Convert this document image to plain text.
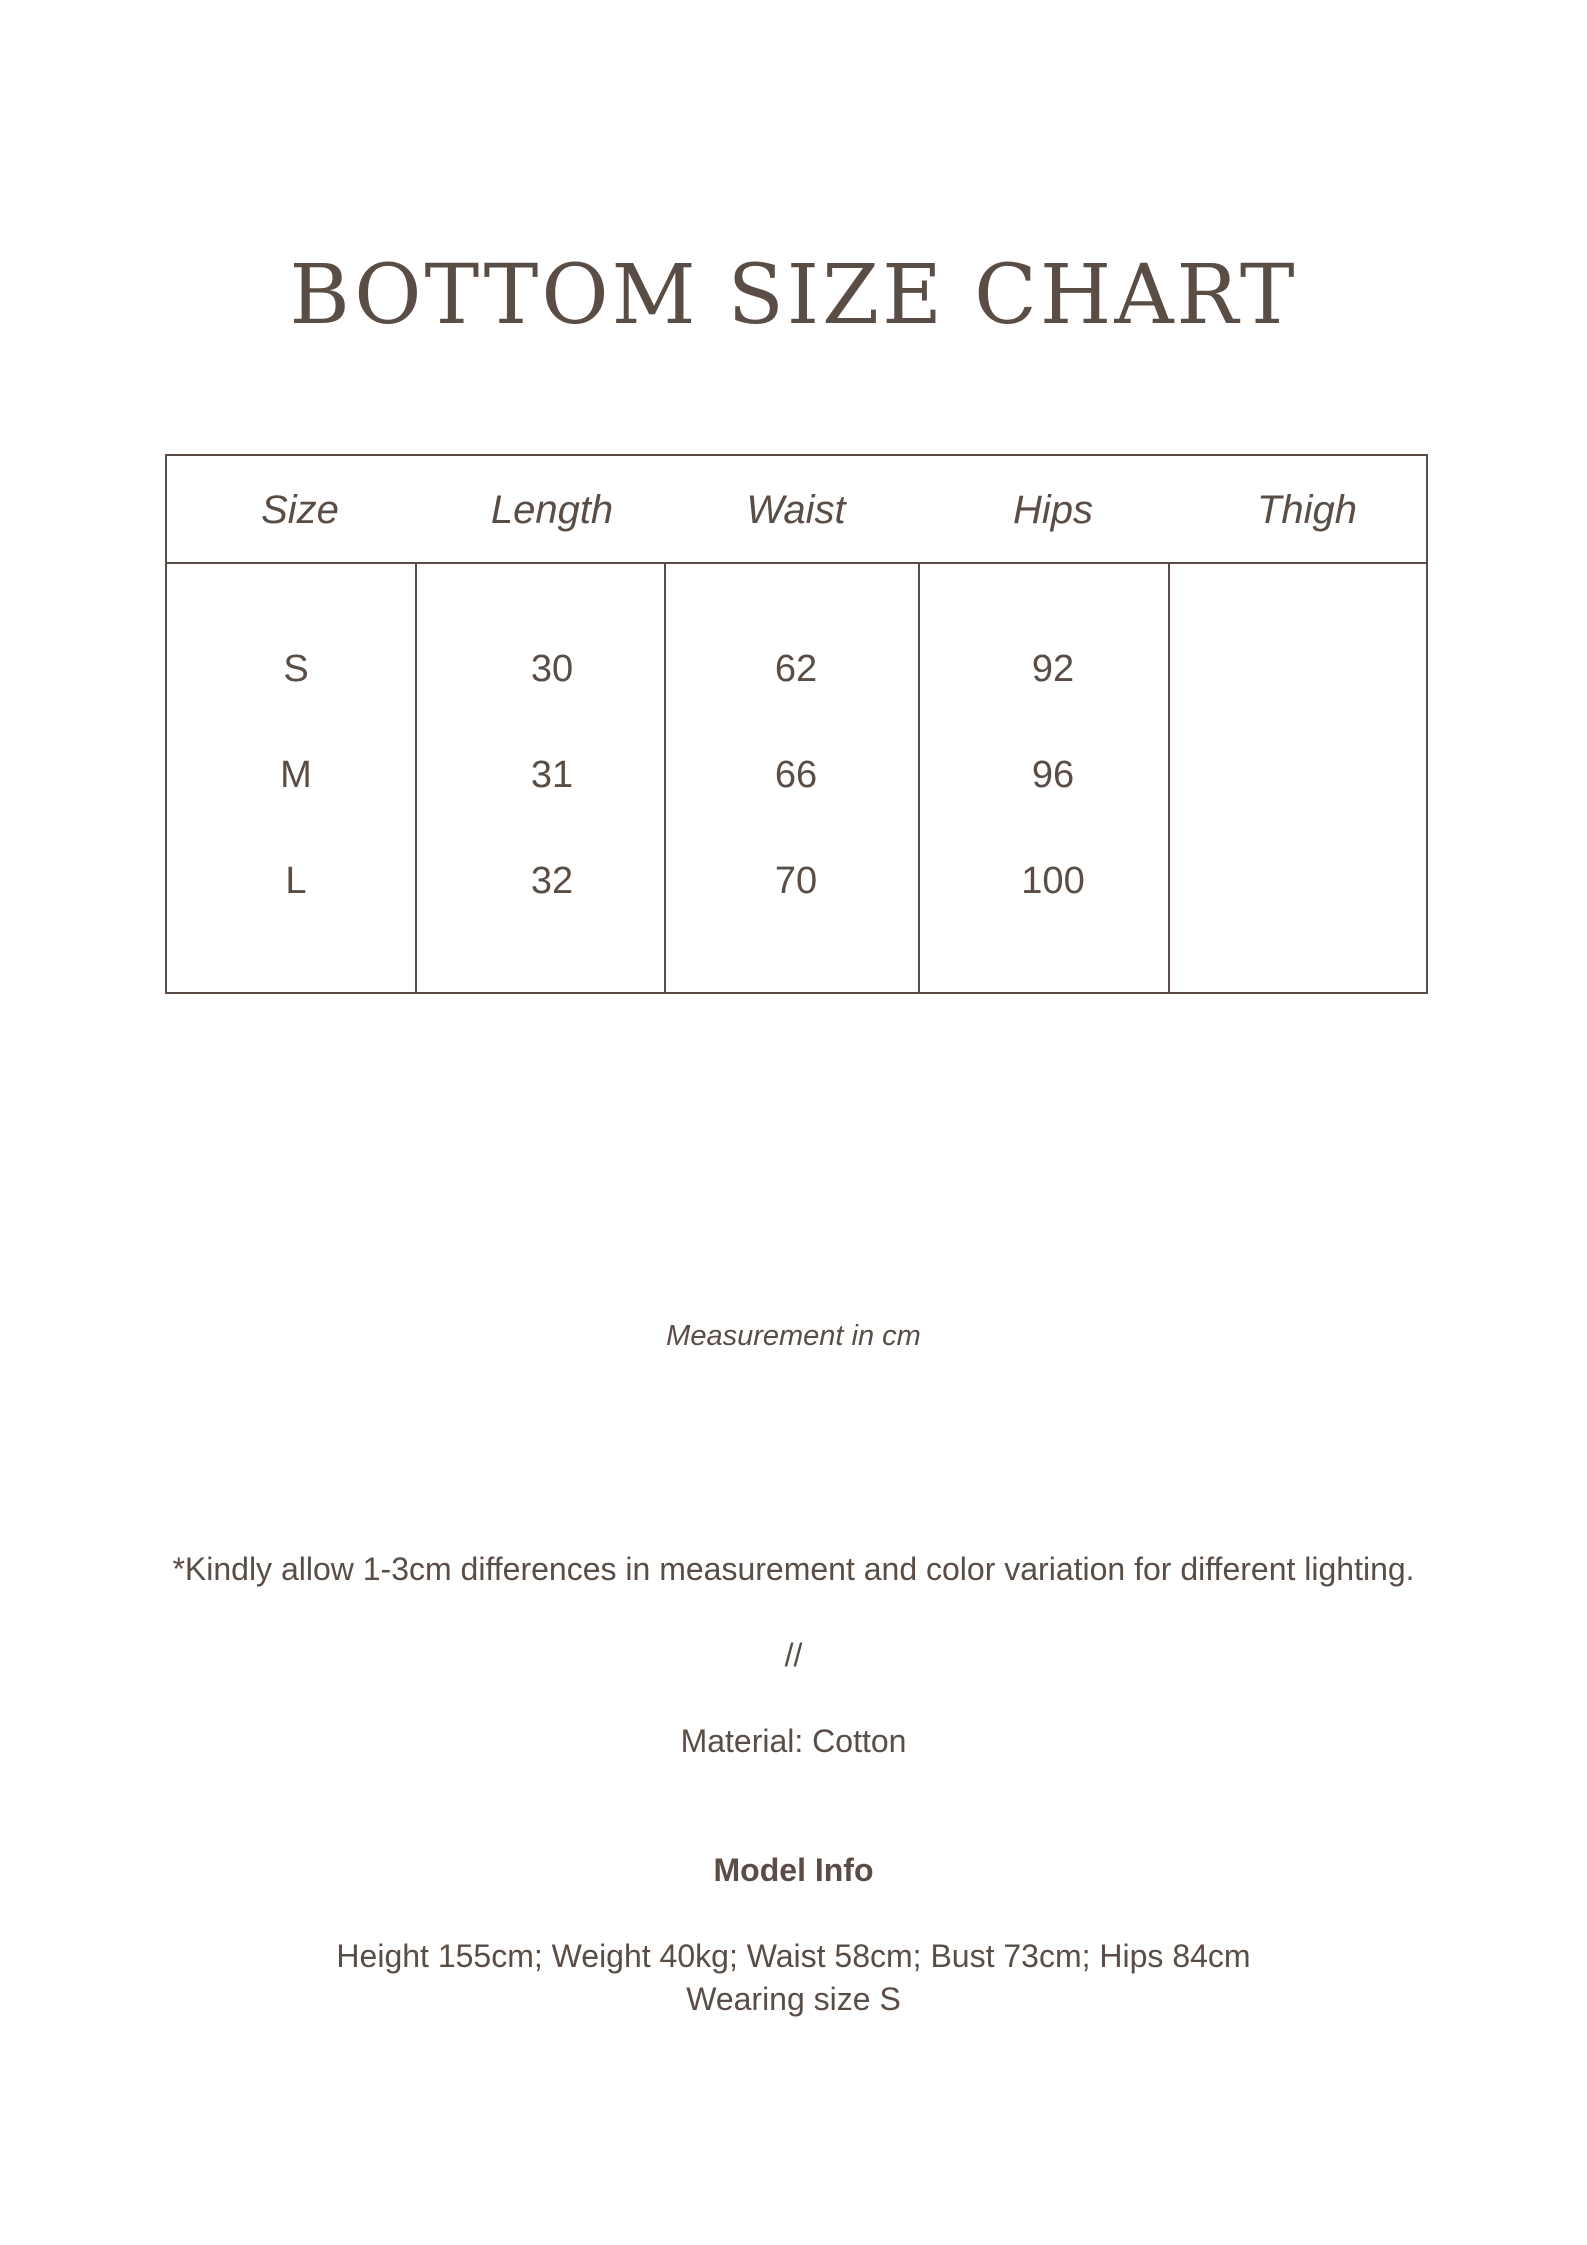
BOTTOM SIZE CHART
Size	Length	Waist	Hips	Thigh
S	30	62	92
M	31	66	96
L	32	70	100
Measurement in cm
*Kindly allow 1-3cm differences in measurement and color variation for different lighting.
//
Material: Cotton
Model Info
Height 155cm; Weight 40kg; Waist 58cm; Bust 73cm; Hips 84cm
Wearing size S
